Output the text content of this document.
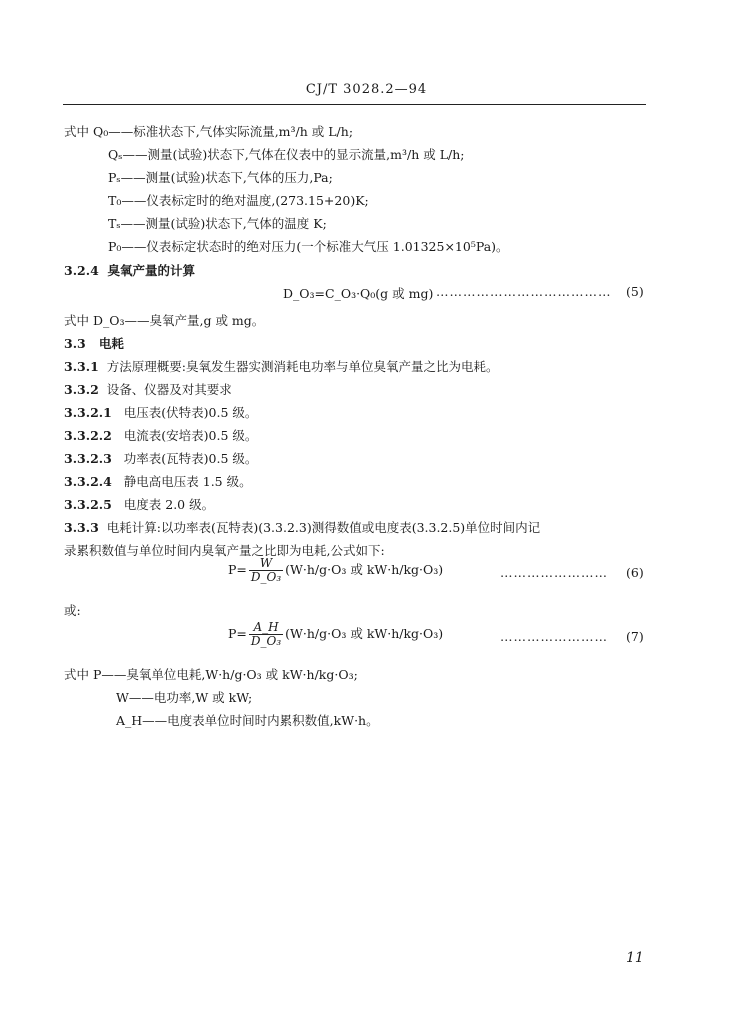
CJ/T 3028.2—94
式中 Q₀——标准状态下,气体实际流量,m³/h 或 L/h;
Qₛ——测量(试验)状态下,气体在仪表中的显示流量,m³/h 或 L/h;
Pₛ——测量(试验)状态下,气体的压力,Pa;
T₀——仪表标定时的绝对温度,(273.15+20)K;
Tₛ——测量(试验)状态下,气体的温度 K;
P₀——仪表标定状态时的绝对压力(一个标准大气压 1.01325×10⁵Pa)。
3.2.4 臭氧产量的计算
D_O₃=C_O₃·Q₀(g 或 mg) ………………………………… (5)
式中 D_O₃——臭氧产量,g 或 mg。
3.3 电耗
3.3.1 方法原理概要:臭氧发生器实测消耗电功率与单位臭氧产量之比为电耗。
3.3.2 设备、仪器及对其要求
3.3.2.1 电压表(伏特表)0.5 级。
3.3.2.2 电流表(安培表)0.5 级。
3.3.2.3 功率表(瓦特表)0.5 级。
3.3.2.4 静电高电压表 1.5 级。
3.3.2.5 电度表 2.0 级。
3.3.3 电耗计算:以功率表(瓦特表)(3.3.2.3)测得数值或电度表(3.3.2.5)单位时间内记
录累积数值与单位时间内臭氧产量之比即为电耗,公式如下:
$P= \frac{W}{\text{D\_O₃}} (W\cdot h/g\cdot O_3$ 或 kW·h/kg·O₃)	…………………… (6)
或:
$P= \frac{A\_H}{\text{D\_O₃}} (W\cdot h/g\cdot O_3$ 或 kW·h/kg·O₃)	…………………… (7)
式中 P——臭氧单位电耗,W·h/g·O₃ 或 kW·h/kg·O₃;
W——电功率,W 或 kW;
A_H——电度表单位时间时内累积数值,kW·h。
11
